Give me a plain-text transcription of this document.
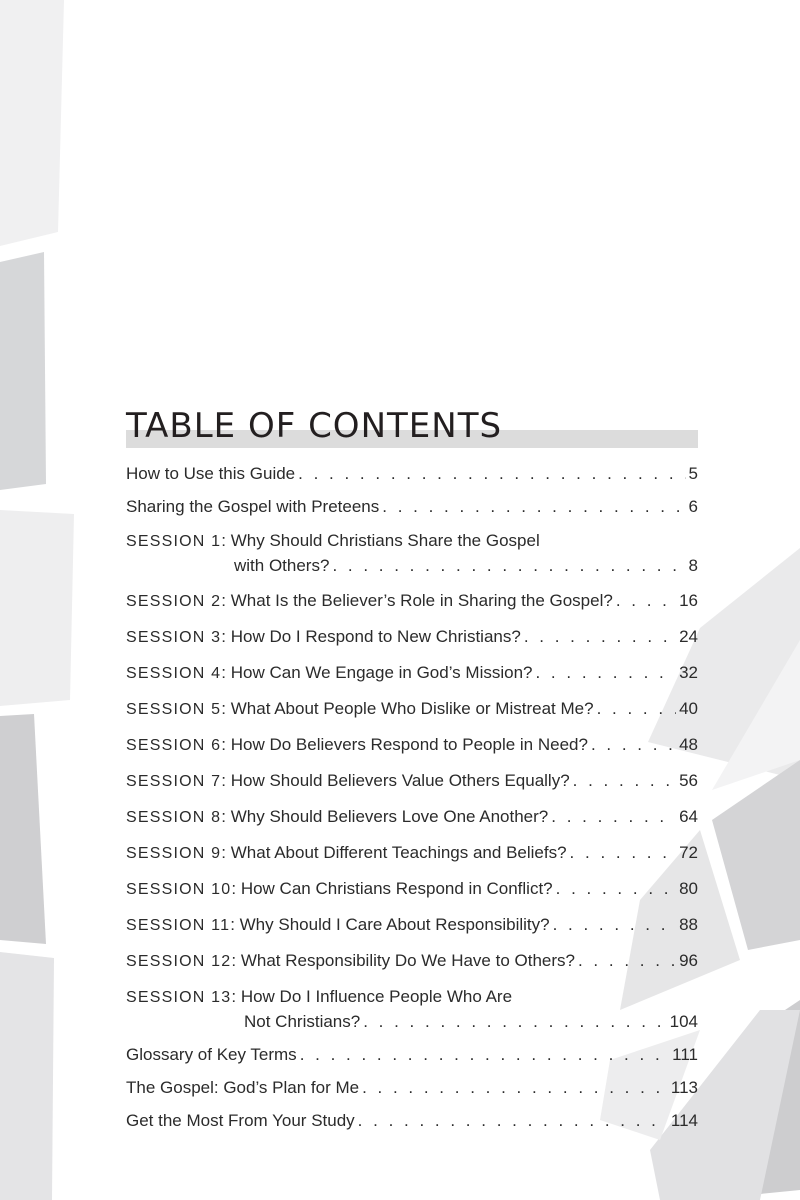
TABLE OF CONTENTS
How to Use this Guide . . .	5
Sharing the Gospel with Preteens . . .	6
SESSION 1: Why Should Christians Share the Gospel
with Others? . . .	8
SESSION 2: What Is the Believer’s Role in Sharing the Gospel? . . .	16
SESSION 3: How Do I Respond to New Christians? . . .	24
SESSION 4: How Can We Engage in God’s Mission? . . .	32
SESSION 5: What About People Who Dislike or Mistreat Me? . . .	40
SESSION 6: How Do Believers Respond to People in Need? . . .	48
SESSION 7: How Should Believers Value Others Equally? . . .	56
SESSION 8: Why Should Believers Love One Another? . . .	64
SESSION 9: What About Different Teachings and Beliefs? . . .	72
SESSION 10: How Can Christians Respond in Conflict? . . .	80
SESSION 11: Why Should I Care About Responsibility? . . .	88
SESSION 12: What Responsibility Do We Have to Others? . . .	96
SESSION 13: How Do I Influence People Who Are
Not Christians? . . .	104
Glossary of Key Terms . . .	111
The Gospel: God’s Plan for Me . . .	113
Get the Most From Your Study . . .	114
